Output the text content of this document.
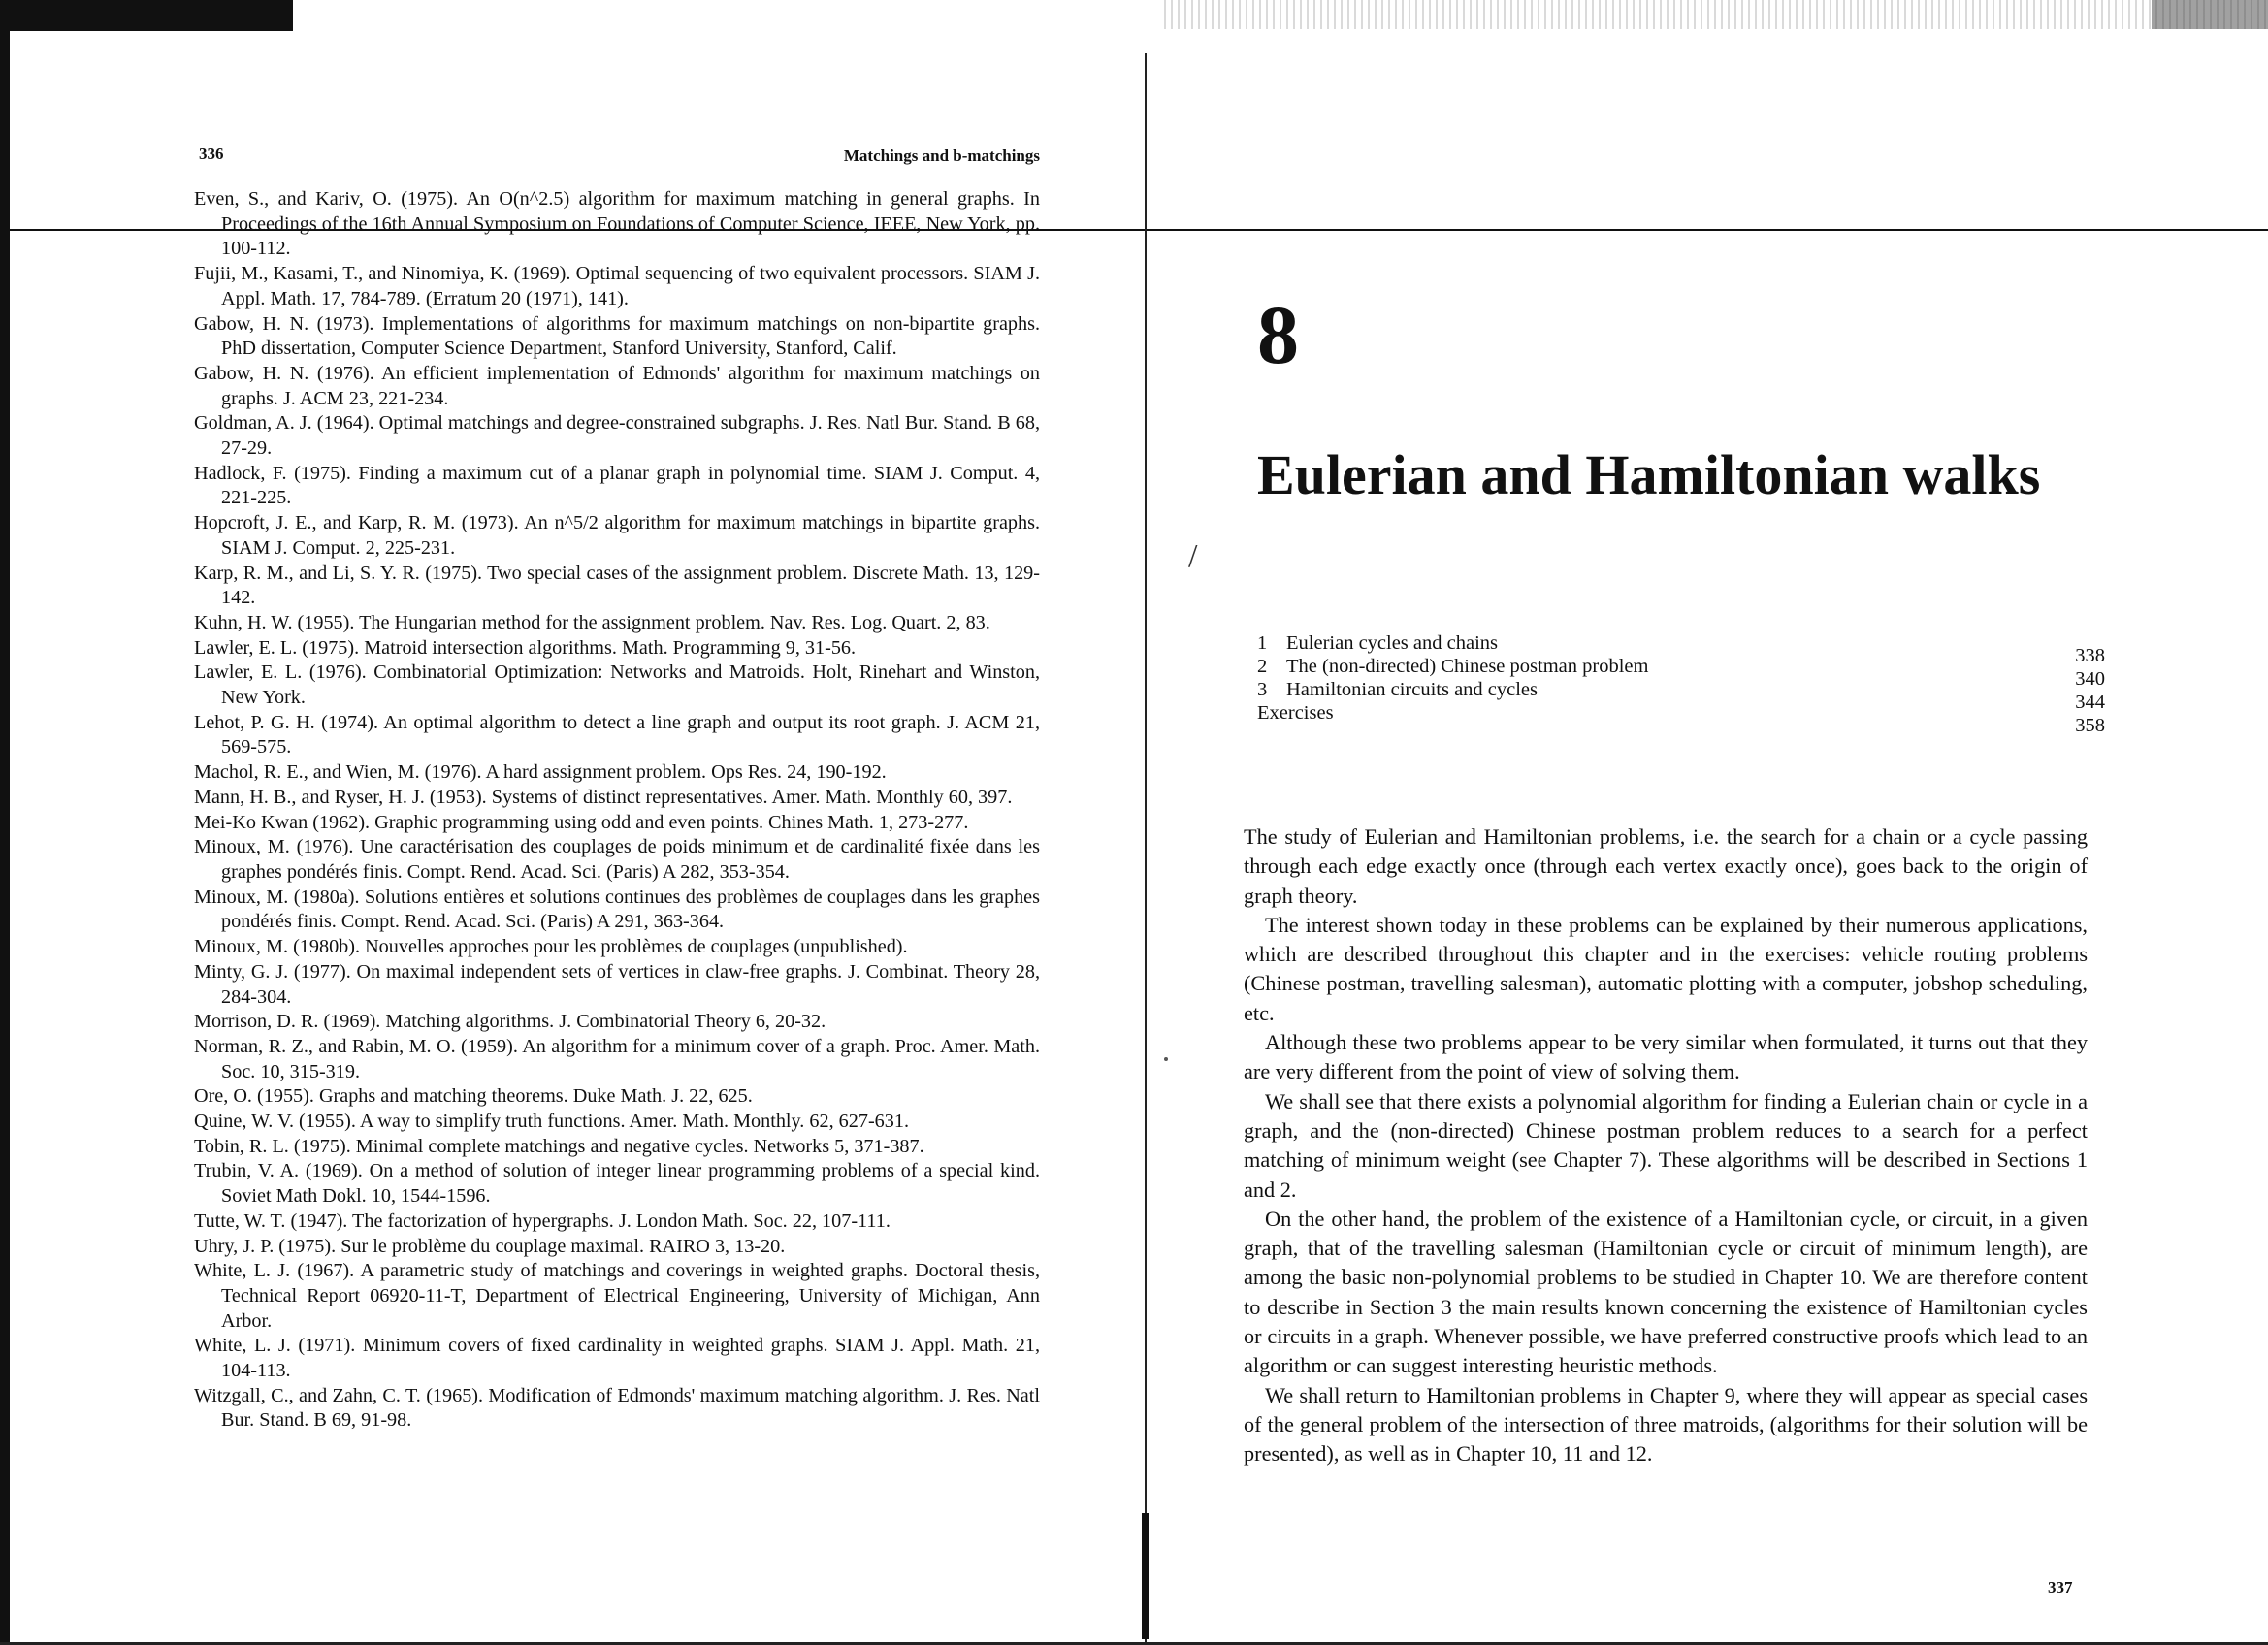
/
336	Matchings and b-matchings

Even, S., and Kariv, O. (1975). An O(n^2.5) algorithm for maximum matching in general graphs. In Proceedings of the 16th Annual Symposium on Foundations of Computer Science, IEEE, New York, pp. 100-112.

Fujii, M., Kasami, T., and Ninomiya, K. (1969). Optimal sequencing of two equivalent processors. SIAM J. Appl. Math. 17, 784-789. (Erratum 20 (1971), 141).

Gabow, H. N. (1973). Implementations of algorithms for maximum matchings on non-bipartite graphs. PhD dissertation, Computer Science Department, Stanford University, Stanford, Calif.

Gabow, H. N. (1976). An efficient implementation of Edmonds' algorithm for maximum matchings on graphs. J. ACM 23, 221-234.

Goldman, A. J. (1964). Optimal matchings and degree-constrained subgraphs. J. Res. Natl Bur. Stand. B 68, 27-29.

Hadlock, F. (1975). Finding a maximum cut of a planar graph in polynomial time. SIAM J. Comput. 4, 221-225.

Hopcroft, J. E., and Karp, R. M. (1973). An n^5/2 algorithm for maximum matchings in bipartite graphs. SIAM J. Comput. 2, 225-231.

Karp, R. M., and Li, S. Y. R. (1975). Two special cases of the assignment problem. Discrete Math. 13, 129-142.

Kuhn, H. W. (1955). The Hungarian method for the assignment problem. Nav. Res. Log. Quart. 2, 83.

Lawler, E. L. (1975). Matroid intersection algorithms. Math. Programming 9, 31-56.

Lawler, E. L. (1976). Combinatorial Optimization: Networks and Matroids. Holt, Rinehart and Winston, New York.

Lehot, P. G. H. (1974). An optimal algorithm to detect a line graph and output its root graph. J. ACM 21, 569-575.

Machol, R. E., and Wien, M. (1976). A hard assignment problem. Ops Res. 24, 190-192.

Mann, H. B., and Ryser, H. J. (1953). Systems of distinct representatives. Amer. Math. Monthly 60, 397.

Mei-Ko Kwan (1962). Graphic programming using odd and even points. Chines Math. 1, 273-277.

Minoux, M. (1976). Une caractérisation des couplages de poids minimum et de cardinalité fixée dans les graphes pondérés finis. Compt. Rend. Acad. Sci. (Paris) A 282, 353-354.

Minoux, M. (1980a). Solutions entières et solutions continues des problèmes de couplages dans les graphes pondérés finis. Compt. Rend. Acad. Sci. (Paris) A 291, 363-364.

Minoux, M. (1980b). Nouvelles approches pour les problèmes de couplages (unpublished).

Minty, G. J. (1977). On maximal independent sets of vertices in claw-free graphs. J. Combinat. Theory 28, 284-304.

Morrison, D. R. (1969). Matching algorithms. J. Combinatorial Theory 6, 20-32.

Norman, R. Z., and Rabin, M. O. (1959). An algorithm for a minimum cover of a graph. Proc. Amer. Math. Soc. 10, 315-319.

Ore, O. (1955). Graphs and matching theorems. Duke Math. J. 22, 625.

Quine, W. V. (1955). A way to simplify truth functions. Amer. Math. Monthly. 62, 627-631.

Tobin, R. L. (1975). Minimal complete matchings and negative cycles. Networks 5, 371-387.

Trubin, V. A. (1969). On a method of solution of integer linear programming problems of a special kind. Soviet Math Dokl. 10, 1544-1596.

Tutte, W. T. (1947). The factorization of hypergraphs. J. London Math. Soc. 22, 107-111.

Uhry, J. P. (1975). Sur le problème du couplage maximal. RAIRO 3, 13-20.

White, L. J. (1967). A parametric study of matchings and coverings in weighted graphs. Doctoral thesis, Technical Report 06920-11-T, Department of Electrical Engineering, University of Michigan, Ann Arbor.

White, L. J. (1971). Minimum covers of fixed cardinality in weighted graphs. SIAM J. Appl. Math. 21, 104-113.

Witzgall, C., and Zahn, C. T. (1965). Modification of Edmonds' maximum matching algorithm. J. Res. Natl Bur. Stand. B 69, 91-98.

8
Eulerian and Hamiltonian walks
1 Eulerian cycles and chains
338
2 The (non-directed) Chinese postman problem
340
3 Hamiltonian circuits and cycles
344
Exercises
358

The study of Eulerian and Hamiltonian problems, i.e. the search for a chain or a cycle passing through each edge exactly once (through each vertex exactly once), goes back to the origin of graph theory.

The interest shown today in these problems can be explained by their numerous applications, which are described throughout this chapter and in the exercises: vehicle routing problems (Chinese postman, travelling salesman), automatic plotting with a computer, jobshop scheduling, etc.

Although these two problems appear to be very similar when formulated, it turns out that they are very different from the point of view of solving them.

We shall see that there exists a polynomial algorithm for finding a Eulerian chain or cycle in a graph, and the (non-directed) Chinese postman problem reduces to a search for a perfect matching of minimum weight (see Chapter 7). These algorithms will be described in Sections 1 and 2.

On the other hand, the problem of the existence of a Hamiltonian cycle, or circuit, in a given graph, that of the travelling salesman (Hamiltonian cycle or circuit of minimum length), are among the basic non-polynomial problems to be studied in Chapter 10. We are therefore content to describe in Section 3 the main results known concerning the existence of Hamiltonian cycles or circuits in a graph. Whenever possible, we have preferred constructive proofs which lead to an algorithm or can suggest interesting heuristic methods.

We shall return to Hamiltonian problems in Chapter 9, where they will appear as special cases of the general problem of the intersection of three matroids, (algorithms for their solution will be presented), as well as in Chapter 10, 11 and 12.

337
